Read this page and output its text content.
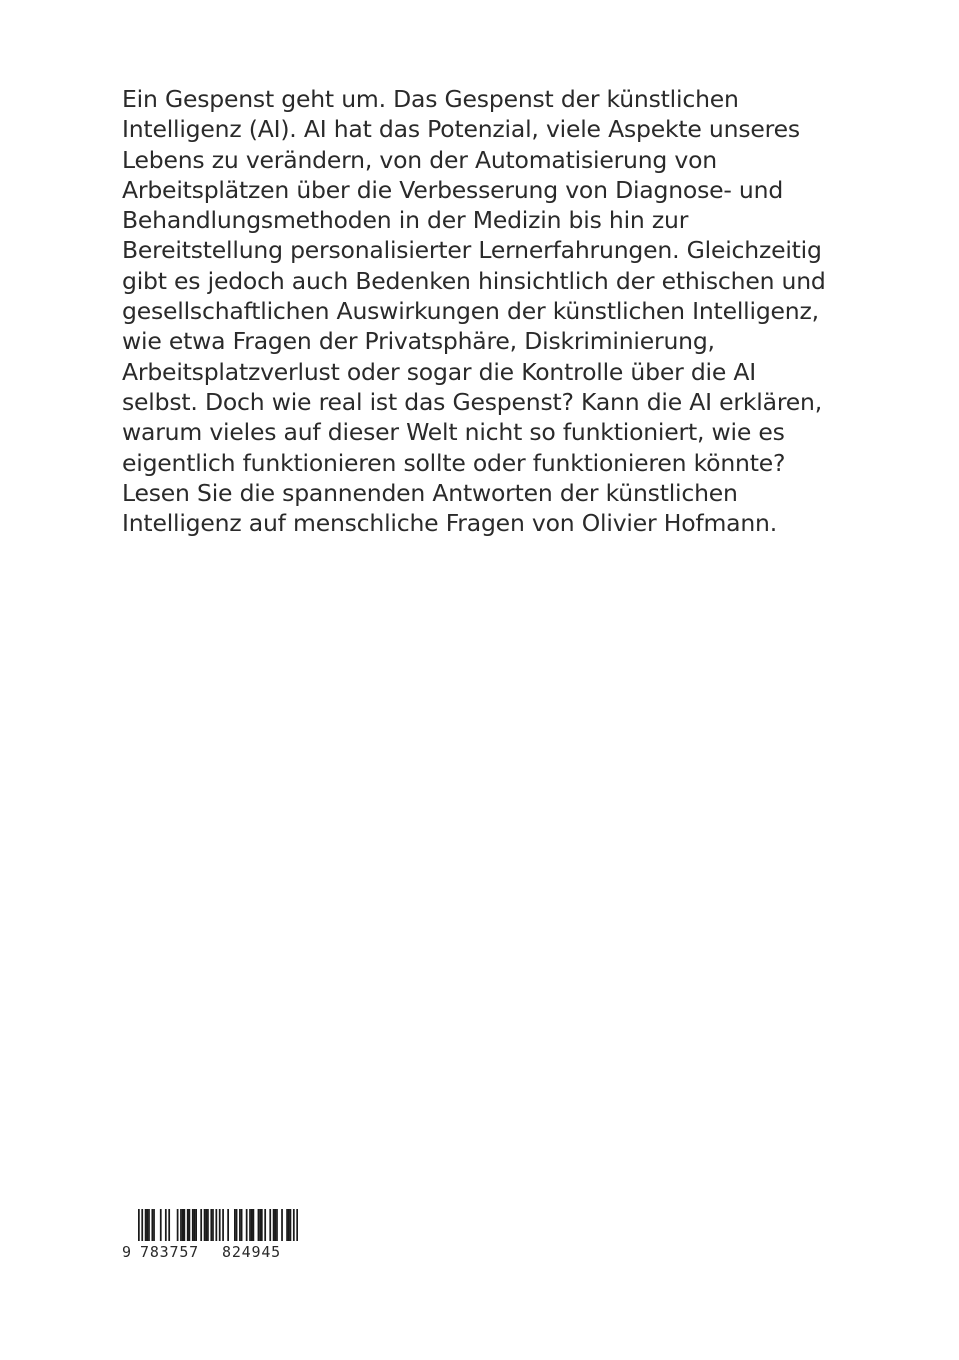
Ein Gespenst geht um. Das Gespenst der künstlichen
Intelligenz (AI). AI hat das Potenzial, viele Aspekte unseres
Lebens zu verändern, von der Automatisierung von
Arbeitsplätzen über die Verbesserung von Diagnose- und
Behandlungsmethoden in der Medizin bis hin zur
Bereitstellung personalisierter Lernerfahrungen. Gleichzeitig
gibt es jedoch auch Bedenken hinsichtlich der ethischen und
gesellschaftlichen Auswirkungen der künstlichen Intelligenz,
wie etwa Fragen der Privatsphäre, Diskriminierung,
Arbeitsplatzverlust oder sogar die Kontrolle über die AI
selbst. Doch wie real ist das Gespenst? Kann die AI erklären,
warum vieles auf dieser Welt nicht so funktioniert, wie es
eigentlich funktionieren sollte oder funktionieren könnte?
Lesen Sie die spannenden Antworten der künstlichen
Intelligenz auf menschliche Fragen von Olivier Hofmann.
9 783757 824945
